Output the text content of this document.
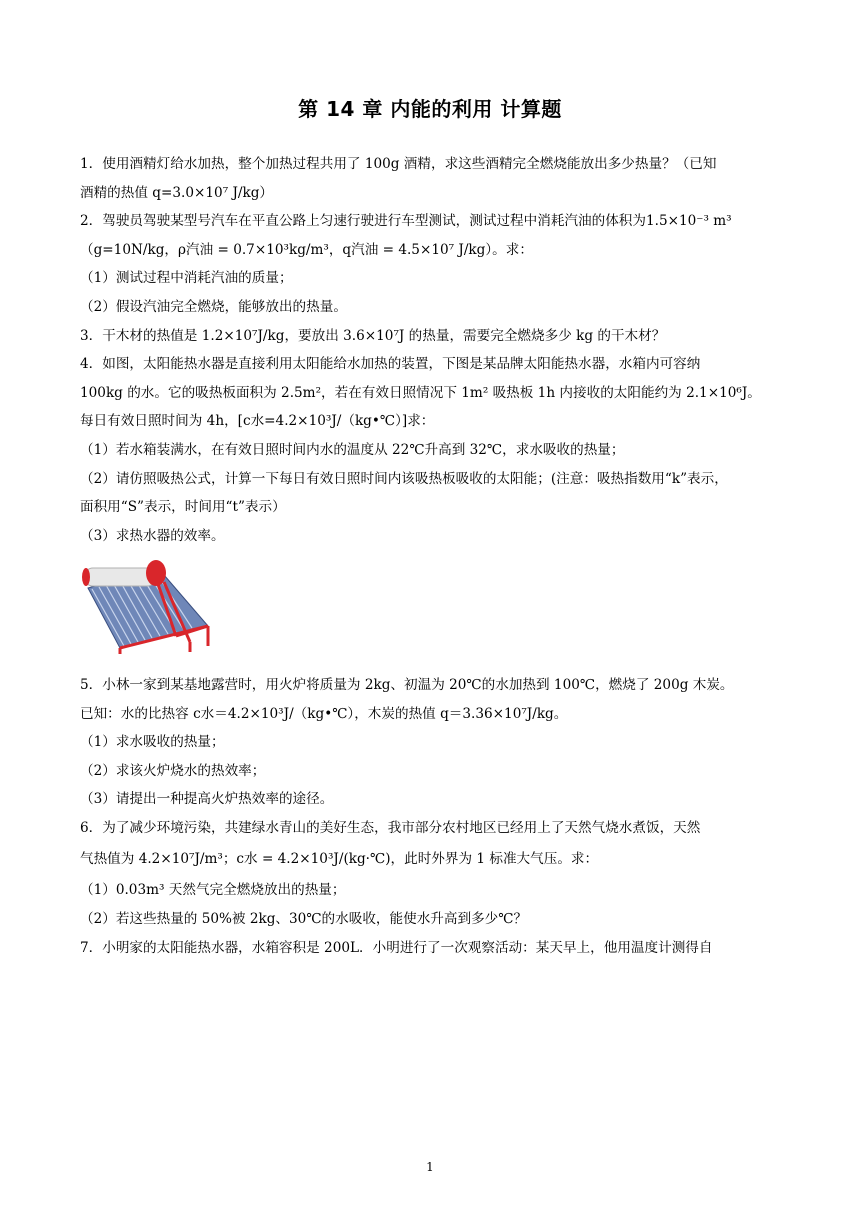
第 14 章 内能的利用 计算题
1．使用酒精灯给水加热，整个加热过程共用了 100g 酒精，求这些酒精完全燃烧能放出多少热量？（已知
酒精的热值 q=3.0×10⁷ J/kg）
2．驾驶员驾驶某型号汽车在平直公路上匀速行驶进行车型测试，测试过程中消耗汽油的体积为1.5×10⁻³ m³
（g=10N/kg，ρ汽油 = 0.7×10³kg/m³，q汽油 = 4.5×10⁷ J/kg）。求：
（1）测试过程中消耗汽油的质量；
（2）假设汽油完全燃烧，能够放出的热量。
3．干木材的热值是 1.2×10⁷J/kg，要放出 3.6×10⁷J 的热量，需要完全燃烧多少 kg 的干木材？
4．如图，太阳能热水器是直接利用太阳能给水加热的装置，下图是某品牌太阳能热水器，水箱内可容纳
100kg 的水。它的吸热板面积为 2.5m²，若在有效日照情况下 1m² 吸热板 1h 内接收的太阳能约为 2.1×10⁶J。
每日有效日照时间为 4h，[c水=4.2×10³J/（kg•℃）]求：
（1）若水箱装满水，在有效日照时间内水的温度从 22℃升高到 32℃，求水吸收的热量；
（2）请仿照吸热公式，计算一下每日有效日照时间内该吸热板吸收的太阳能；(注意：吸热指数用“k”表示，
面积用“S”表示，时间用“t”表示）
（3）求热水器的效率。
5．小林一家到某基地露营时，用火炉将质量为 2kg、初温为 20℃的水加热到 100℃，燃烧了 200g 木炭。
已知：水的比热容 c水＝4.2×10³J/（kg•℃），木炭的热值 q＝3.36×10⁷J/kg。
（1）求水吸收的热量；
（2）求该火炉烧水的热效率；
（3）请提出一种提高火炉热效率的途径。
6．为了减少环境污染，共建绿水青山的美好生态，我市部分农村地区已经用上了天然气烧水煮饭，天然
气热值为 4.2×10⁷J/m³；c水 = 4.2×10³J/(kg·℃)，此时外界为 1 标准大气压。求：
（1）0.03m³ 天然气完全燃烧放出的热量；
（2）若这些热量的 50%被 2kg、30℃的水吸收，能使水升高到多少℃？
7．小明家的太阳能热水器，水箱容积是 200L．小明进行了一次观察活动：某天早上，他用温度计测得自
1
